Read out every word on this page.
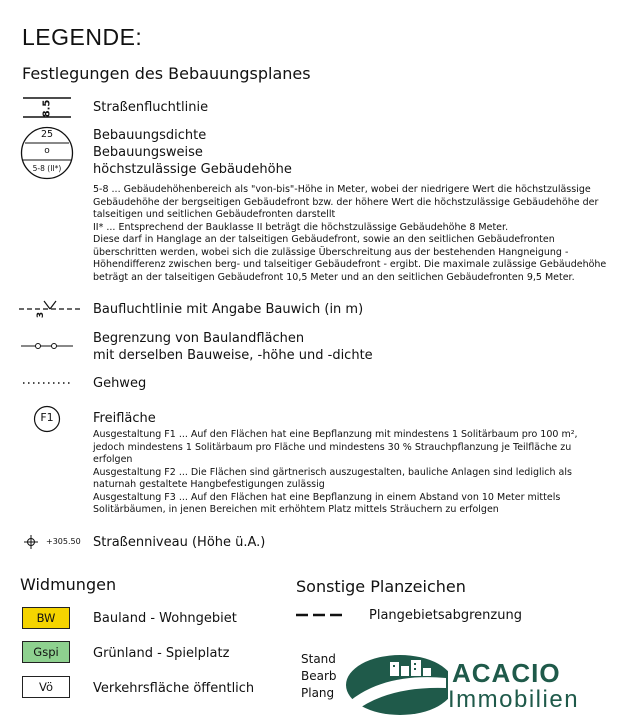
LEGENDE:
Festlegungen des Bebauungsplanes
8.5	Straßenfluchtlinie
25
o
5-8 (II*)
Bebauungsdichte
Bebauungsweise
höchstzulässige Gebäudehöhe
5-8 ... Gebäudehöhenbereich als "von-bis"-Höhe in Meter, wobei der niedrigere Wert die höchstzulässige
Gebäudehöhe der bergseitigen Gebäudefront bzw. der höhere Wert die höchstzulässige Gebäudehöhe der
talseitigen und seitlichen Gebäudefronten darstellt
II* ... Entsprechend der Bauklasse II beträgt die höchstzulässige Gebäudehöhe 8 Meter.
Diese darf in Hanglage an der talseitigen Gebäudefront, sowie an den seitlichen Gebäudefronten
überschritten werden, wobei sich die zulässige Überschreitung aus der bestehenden Hangneigung -
Höhendifferenz zwischen berg- und talseitiger Gebäudefront - ergibt. Die maximale zulässige Gebäudehöhe
beträgt an der talseitigen Gebäudefront 10,5 Meter und an den seitlichen Gebäudefronten 9,5 Meter.
3	Baufluchtlinie mit Angabe Bauwich (in m)
Begrenzung von Baulandflächen
mit derselben Bauweise, -höhe und -dichte
Gehweg
F1	Freifläche
Ausgestaltung F1 ... Auf den Flächen hat eine Bepflanzung mit mindestens 1 Solitärbaum pro 100 m²,
jedoch mindestens 1 Solitärbaum pro Fläche und mindestens 30 % Strauchpflanzung je Teilfläche zu
erfolgen
Ausgestaltung F2 ... Die Flächen sind gärtnerisch auszugestalten, bauliche Anlagen sind lediglich als
naturnah gestaltete Hangbefestigungen zulässig
Ausgestaltung F3 ... Auf den Flächen hat eine Bepflanzung in einem Abstand von 10 Meter mittels
Solitärbäumen, in jenen Bereichen mit erhöhtem Platz mittels Sträuchern zu erfolgen
+305.50 Straßenniveau (Höhe ü.A.)
Widmungen
BW	Bauland - Wohngebiet
Gspi	Grünland - Spielplatz
Vö	Verkehrsfläche öffentlich
Sonstige Planzeichen
Plangebietsabgrenzung
Stand
Bearb
Plang
ACACIO
Immobilien
